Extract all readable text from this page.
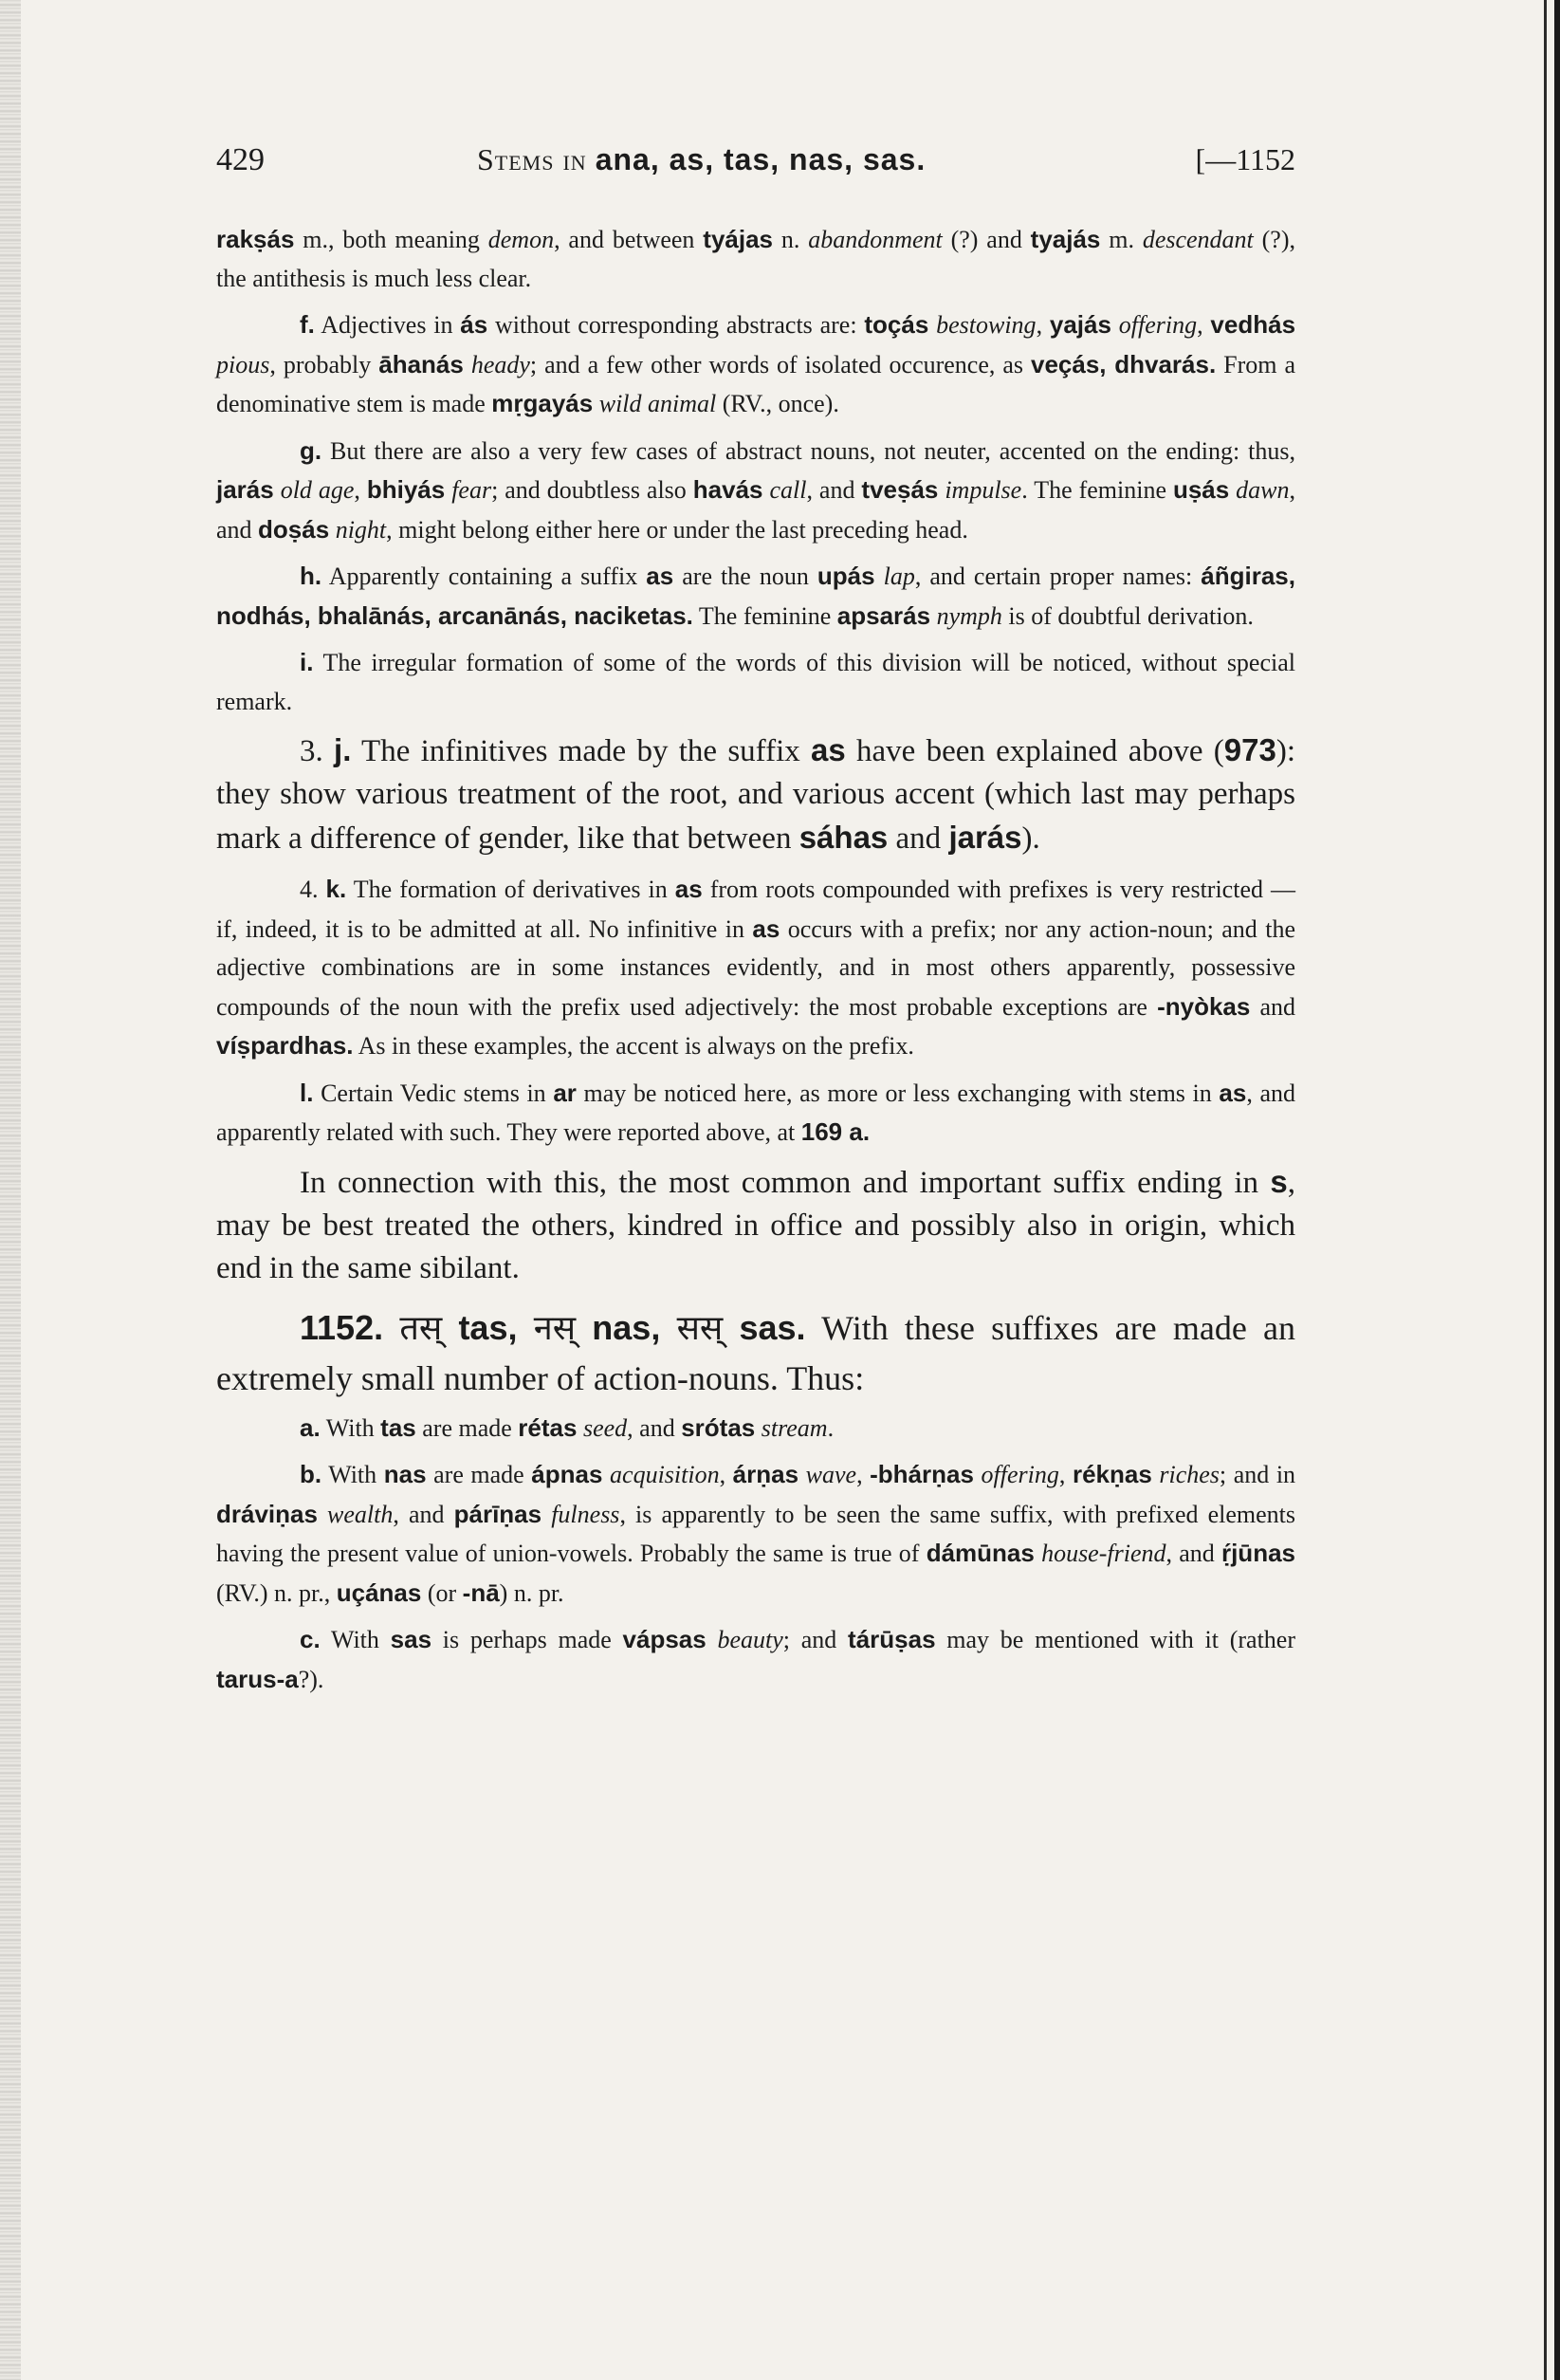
429	Stems in ana, as, tas, nas, sas.	[—1152

rakṣás m., both meaning demon, and between tyájas n. abandonment (?) and tyajás m. descendant (?), the antithesis is much less clear.

f. Adjectives in ás without corresponding abstracts are: toçás bestowing, yajás offering, vedhás pious, probably āhanás heady; and a few other words of isolated occurence, as veçás, dhvarás. From a denominative stem is made mṛgayás wild animal (RV., once).

g. But there are also a very few cases of abstract nouns, not neuter, accented on the ending: thus, jarás old age, bhiyás fear; and doubtless also havás call, and tveṣás impulse. The feminine uṣás dawn, and doṣás night, might belong either here or under the last preceding head.

h. Apparently containing a suffix as are the noun upás lap, and certain proper names: áñgiras, nodhás, bhalānás, arcanānás, naciketas. The feminine apsarás nymph is of doubtful derivation.

i. The irregular formation of some of the words of this division will be noticed, without special remark.

3. j. The infinitives made by the suffix as have been explained above (973): they show various treatment of the root, and various accent (which last may perhaps mark a difference of gender, like that between sáhas and jarás).

4. k. The formation of derivatives in as from roots compounded with prefixes is very restricted — if, indeed, it is to be admitted at all. No infinitive in as occurs with a prefix; nor any action-noun; and the adjective combinations are in some instances evidently, and in most others apparently, possessive compounds of the noun with the prefix used adjectively: the most probable exceptions are -nyòkas and víṣpardhas. As in these examples, the accent is always on the prefix.

l. Certain Vedic stems in ar may be noticed here, as more or less exchanging with stems in as, and apparently related with such. They were reported above, at 169 a.

In connection with this, the most common and important suffix ending in s, may be best treated the others, kindred in office and possibly also in origin, which end in the same sibilant.

1152. तस् tas, नस् nas, सस् sas. With these suffixes are made an extremely small number of action-nouns. Thus:

a. With tas are made rétas seed, and srótas stream.

b. With nas are made ápnas acquisition, árṇas wave, -bhárṇas offering, rékṇas riches; and in dráviṇas wealth, and párīṇas fulness, is apparently to be seen the same suffix, with prefixed elements having the present value of union-vowels. Probably the same is true of dámūnas house-friend, and ṛ́jūnas (RV.) n. pr., uçánas (or -nā) n. pr.

c. With sas is perhaps made vápsas beauty; and tárūṣas may be mentioned with it (rather tarus-a?).
